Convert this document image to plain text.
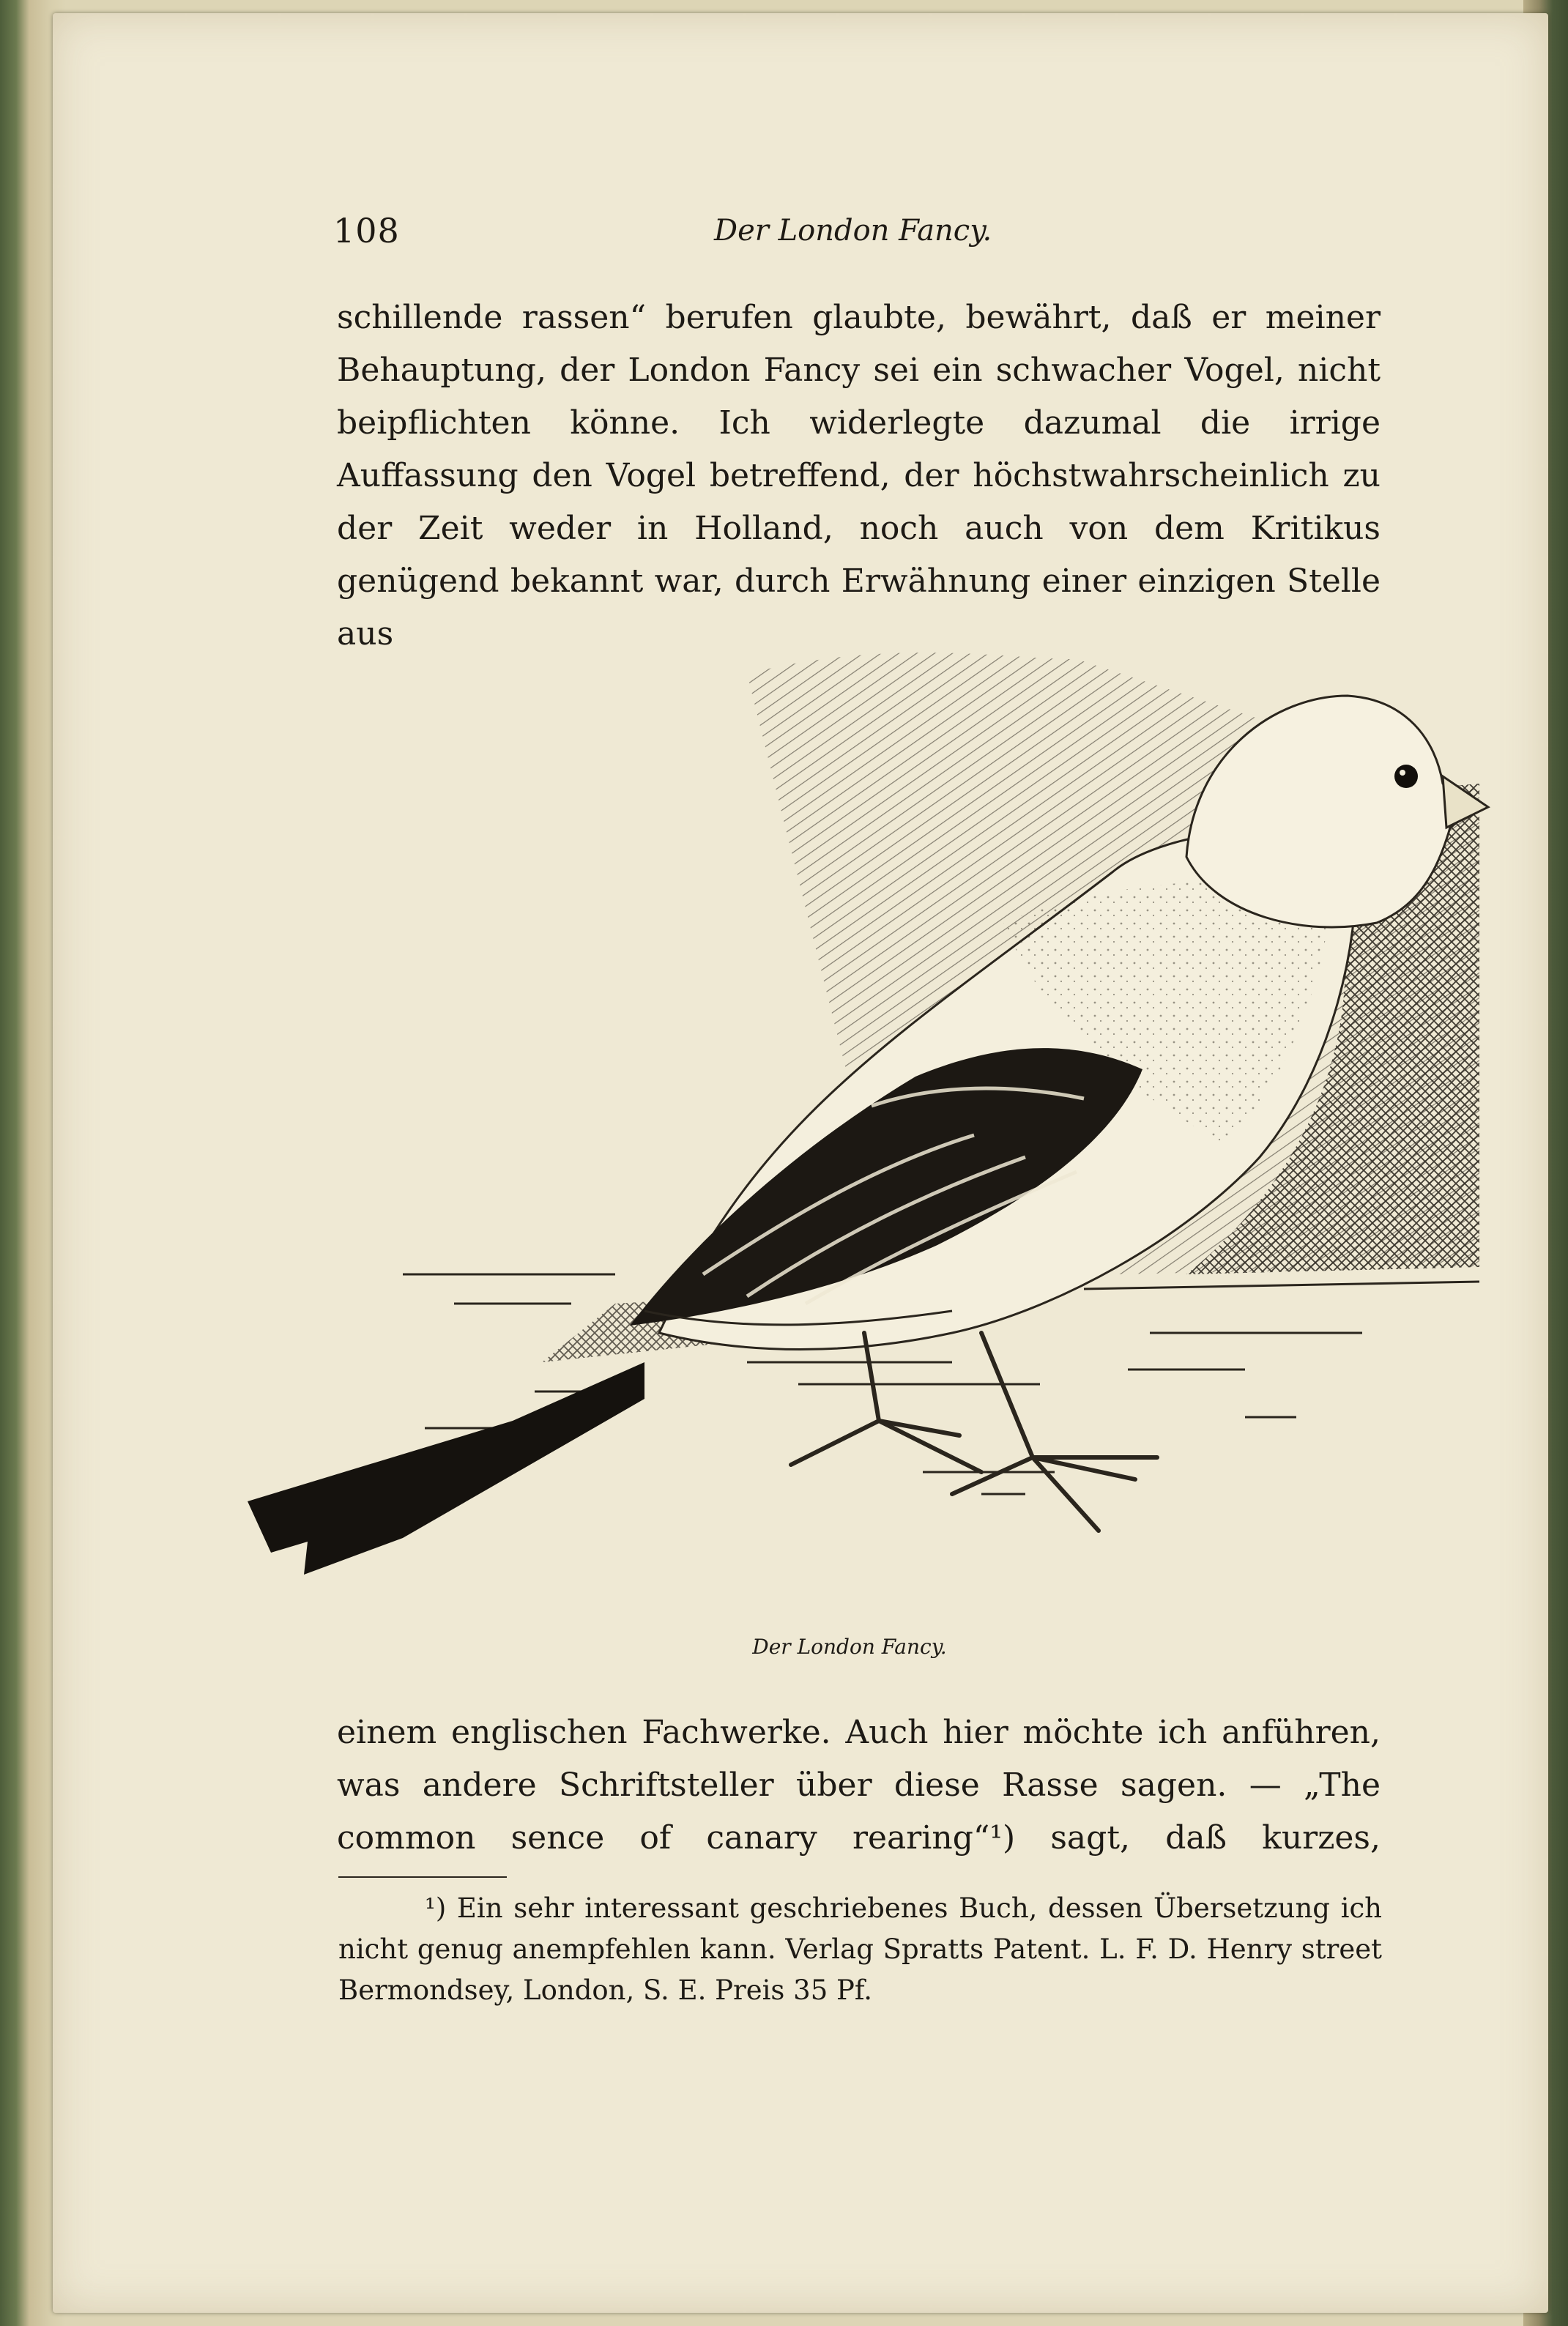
108	Der London Fancy.

schillende rassen“ berufen glaubte, bewährt, daß er meiner Behauptung, der London Fancy sei ein schwacher Vogel, nicht beipflichten könne. Ich widerlegte dazumal die irrige Auffassung den Vogel betreffend, der höchstwahrscheinlich zu der Zeit weder in Holland, noch auch von dem Kritikus genügend bekannt war, durch Erwähnung einer einzigen Stelle aus

Der London Fancy.

einem englischen Fachwerke. Auch hier möchte ich anführen, was andere Schriftsteller über diese Rasse sagen. — „The common sence of canary rearing“¹) sagt, daß kurzes,

¹) Ein sehr interessant geschriebenes Buch, dessen Übersetzung ich nicht genug anempfehlen kann. Verlag Spratts Patent. L. F. D. Henry street Bermondsey, London, S. E. Preis 35 Pf.
